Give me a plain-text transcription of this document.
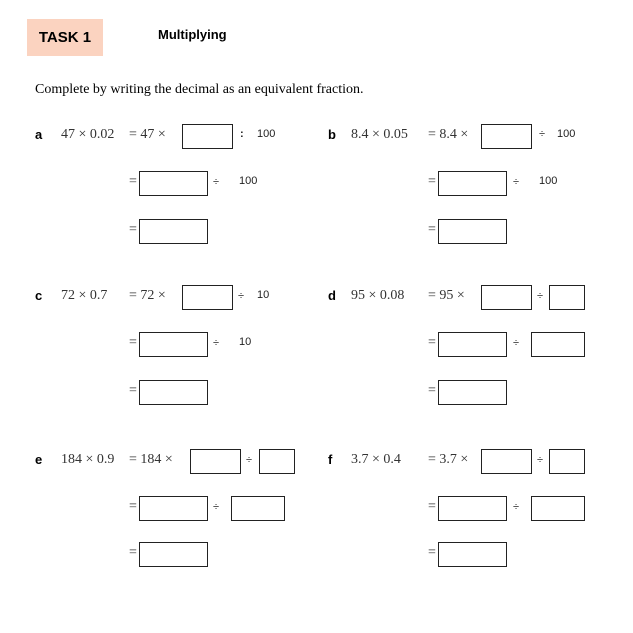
TASK 1	Multiplying
Complete by writing the decimal as an equivalent fraction.
a 47 × 0.02 = 47 ×	: 100
=	÷ 100
=
b 8.4 × 0.05 = 8.4 ×	÷ 100
=	÷ 100
=
c 72 × 0.7 = 72 ×	÷ 10
=	÷ 10
=
d 95 × 0.08 = 95 ×	÷
=	÷
=
e 184 × 0.9 = 184 ×	÷
=	÷
=
f 3.7 × 0.4 = 3.7 ×	÷
=	÷
=
